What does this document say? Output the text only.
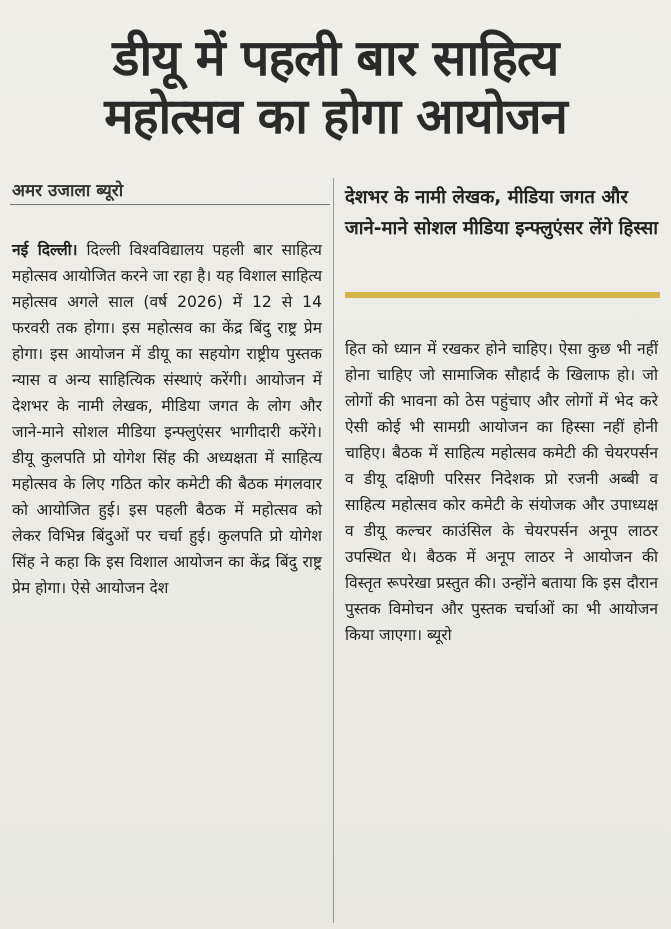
डीयू में पहली बार साहित्य
महोत्सव का होगा आयोजन
अमर उजाला ब्यूरो	देशभर के नामी लेखक, मीडिया जगत और जाने-माने सोशल मीडिया इन्फ्लुएंसर लेंगे हिस्सा
नई दिल्ली। दिल्ली विश्वविद्यालय पहली बार साहित्य महोत्सव आयोजित करने जा रहा है। यह विशाल साहित्य महोत्सव अगले साल (वर्ष 2026) में 12 से 14 फरवरी तक होगा। इस महोत्सव का केंद्र बिंदु राष्ट्र प्रेम होगा। इस आयोजन में डीयू का सहयोग राष्ट्रीय पुस्तक न्यास व अन्य साहित्यिक संस्थाएं करेंगी। आयोजन में देशभर के नामी लेखक, मीडिया जगत के लोग और जाने-माने सोशल मीडिया इन्फ्लुएंसर भागीदारी करेंगे। डीयू कुलपति प्रो योगेश सिंह की अध्यक्षता में साहित्य महोत्सव के लिए गठित कोर कमेटी की बैठक मंगलवार को आयोजित हुई। इस पहली बैठक में महोत्सव को लेकर विभिन्न बिंदुओं पर चर्चा हुई। कुलपति प्रो योगेश सिंह ने कहा कि इस विशाल आयोजन का केंद्र बिंदु राष्ट्र प्रेम होगा। ऐसे आयोजन देश
हित को ध्यान में रखकर होने चाहिए। ऐसा कुछ भी नहीं होना चाहिए जो सामाजिक सौहार्द के खिलाफ हो। जो लोगों की भावना को ठेस पहुंचाए और लोगों में भेद करे ऐसी कोई भी सामग्री आयोजन का हिस्सा नहीं होनी चाहिए। बैठक में साहित्य महोत्सव कमेटी की चेयरपर्सन व डीयू दक्षिणी परिसर निदेशक प्रो रजनी अब्बी व साहित्य महोत्सव कोर कमेटी के संयोजक और उपाध्यक्ष व डीयू कल्चर काउंसिल के चेयरपर्सन अनूप लाठर उपस्थित थे। बैठक में अनूप लाठर ने आयोजन की विस्तृत रूपरेखा प्रस्तुत की। उन्होंने बताया कि इस दौरान पुस्तक विमोचन और पुस्तक चर्चाओं का भी आयोजन किया जाएगा। ब्यूरो
